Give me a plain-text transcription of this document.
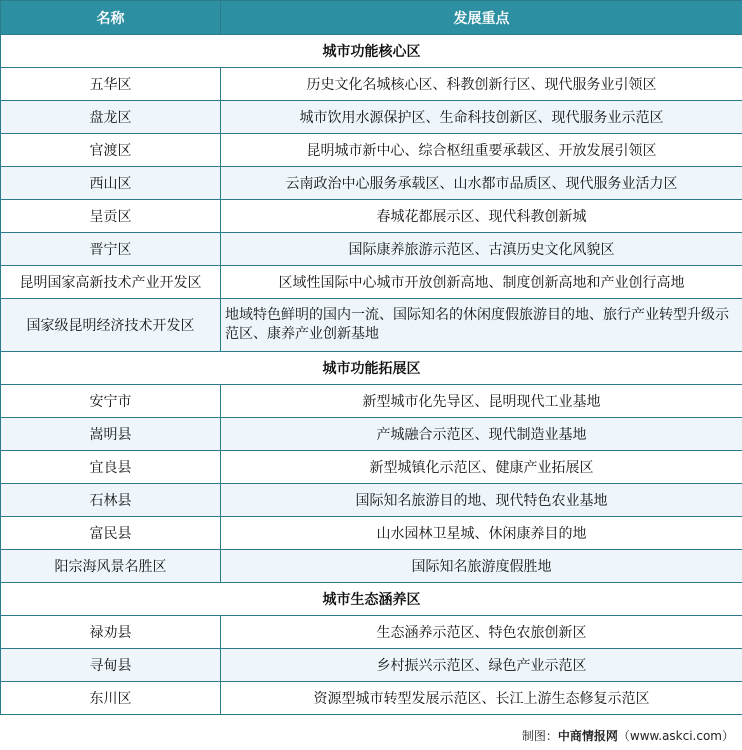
名称	发展重点
城市功能核心区	
五华区	历史文化名城核心区、科教创新行区、现代服务业引领区
盘龙区	城市饮用水源保护区、生命科技创新区、现代服务业示范区
官渡区	昆明城市新中心、综合枢纽重要承载区、开放发展引领区
西山区	云南政治中心服务承载区、山水都市品质区、现代服务业活力区
呈贡区	春城花都展示区、现代科教创新城
晋宁区	国际康养旅游示范区、古滇历史文化风貌区
昆明国家高新技术产业开发区	区域性国际中心城市开放创新高地、制度创新高地和产业创行高地
国家级昆明经济技术开发区	地域特色鲜明的国内一流、国际知名的休闲度假旅游目的地、旅行产业转型升级示范区、康养产业创新基地
城市功能拓展区	
安宁市	新型城市化先导区、昆明现代工业基地
嵩明县	产城融合示范区、现代制造业基地
宜良县	新型城镇化示范区、健康产业拓展区
石林县	国际知名旅游目的地、现代特色农业基地
富民县	山水园林卫星城、休闲康养目的地
阳宗海风景名胜区	国际知名旅游度假胜地
城市生态涵养区	
禄劝县	生态涵养示范区、特色农旅创新区
寻甸县	乡村振兴示范区、绿色产业示范区
东川区	资源型城市转型发展示范区、长江上游生态修复示范区
制图：中商情报网（www.askci.com）
